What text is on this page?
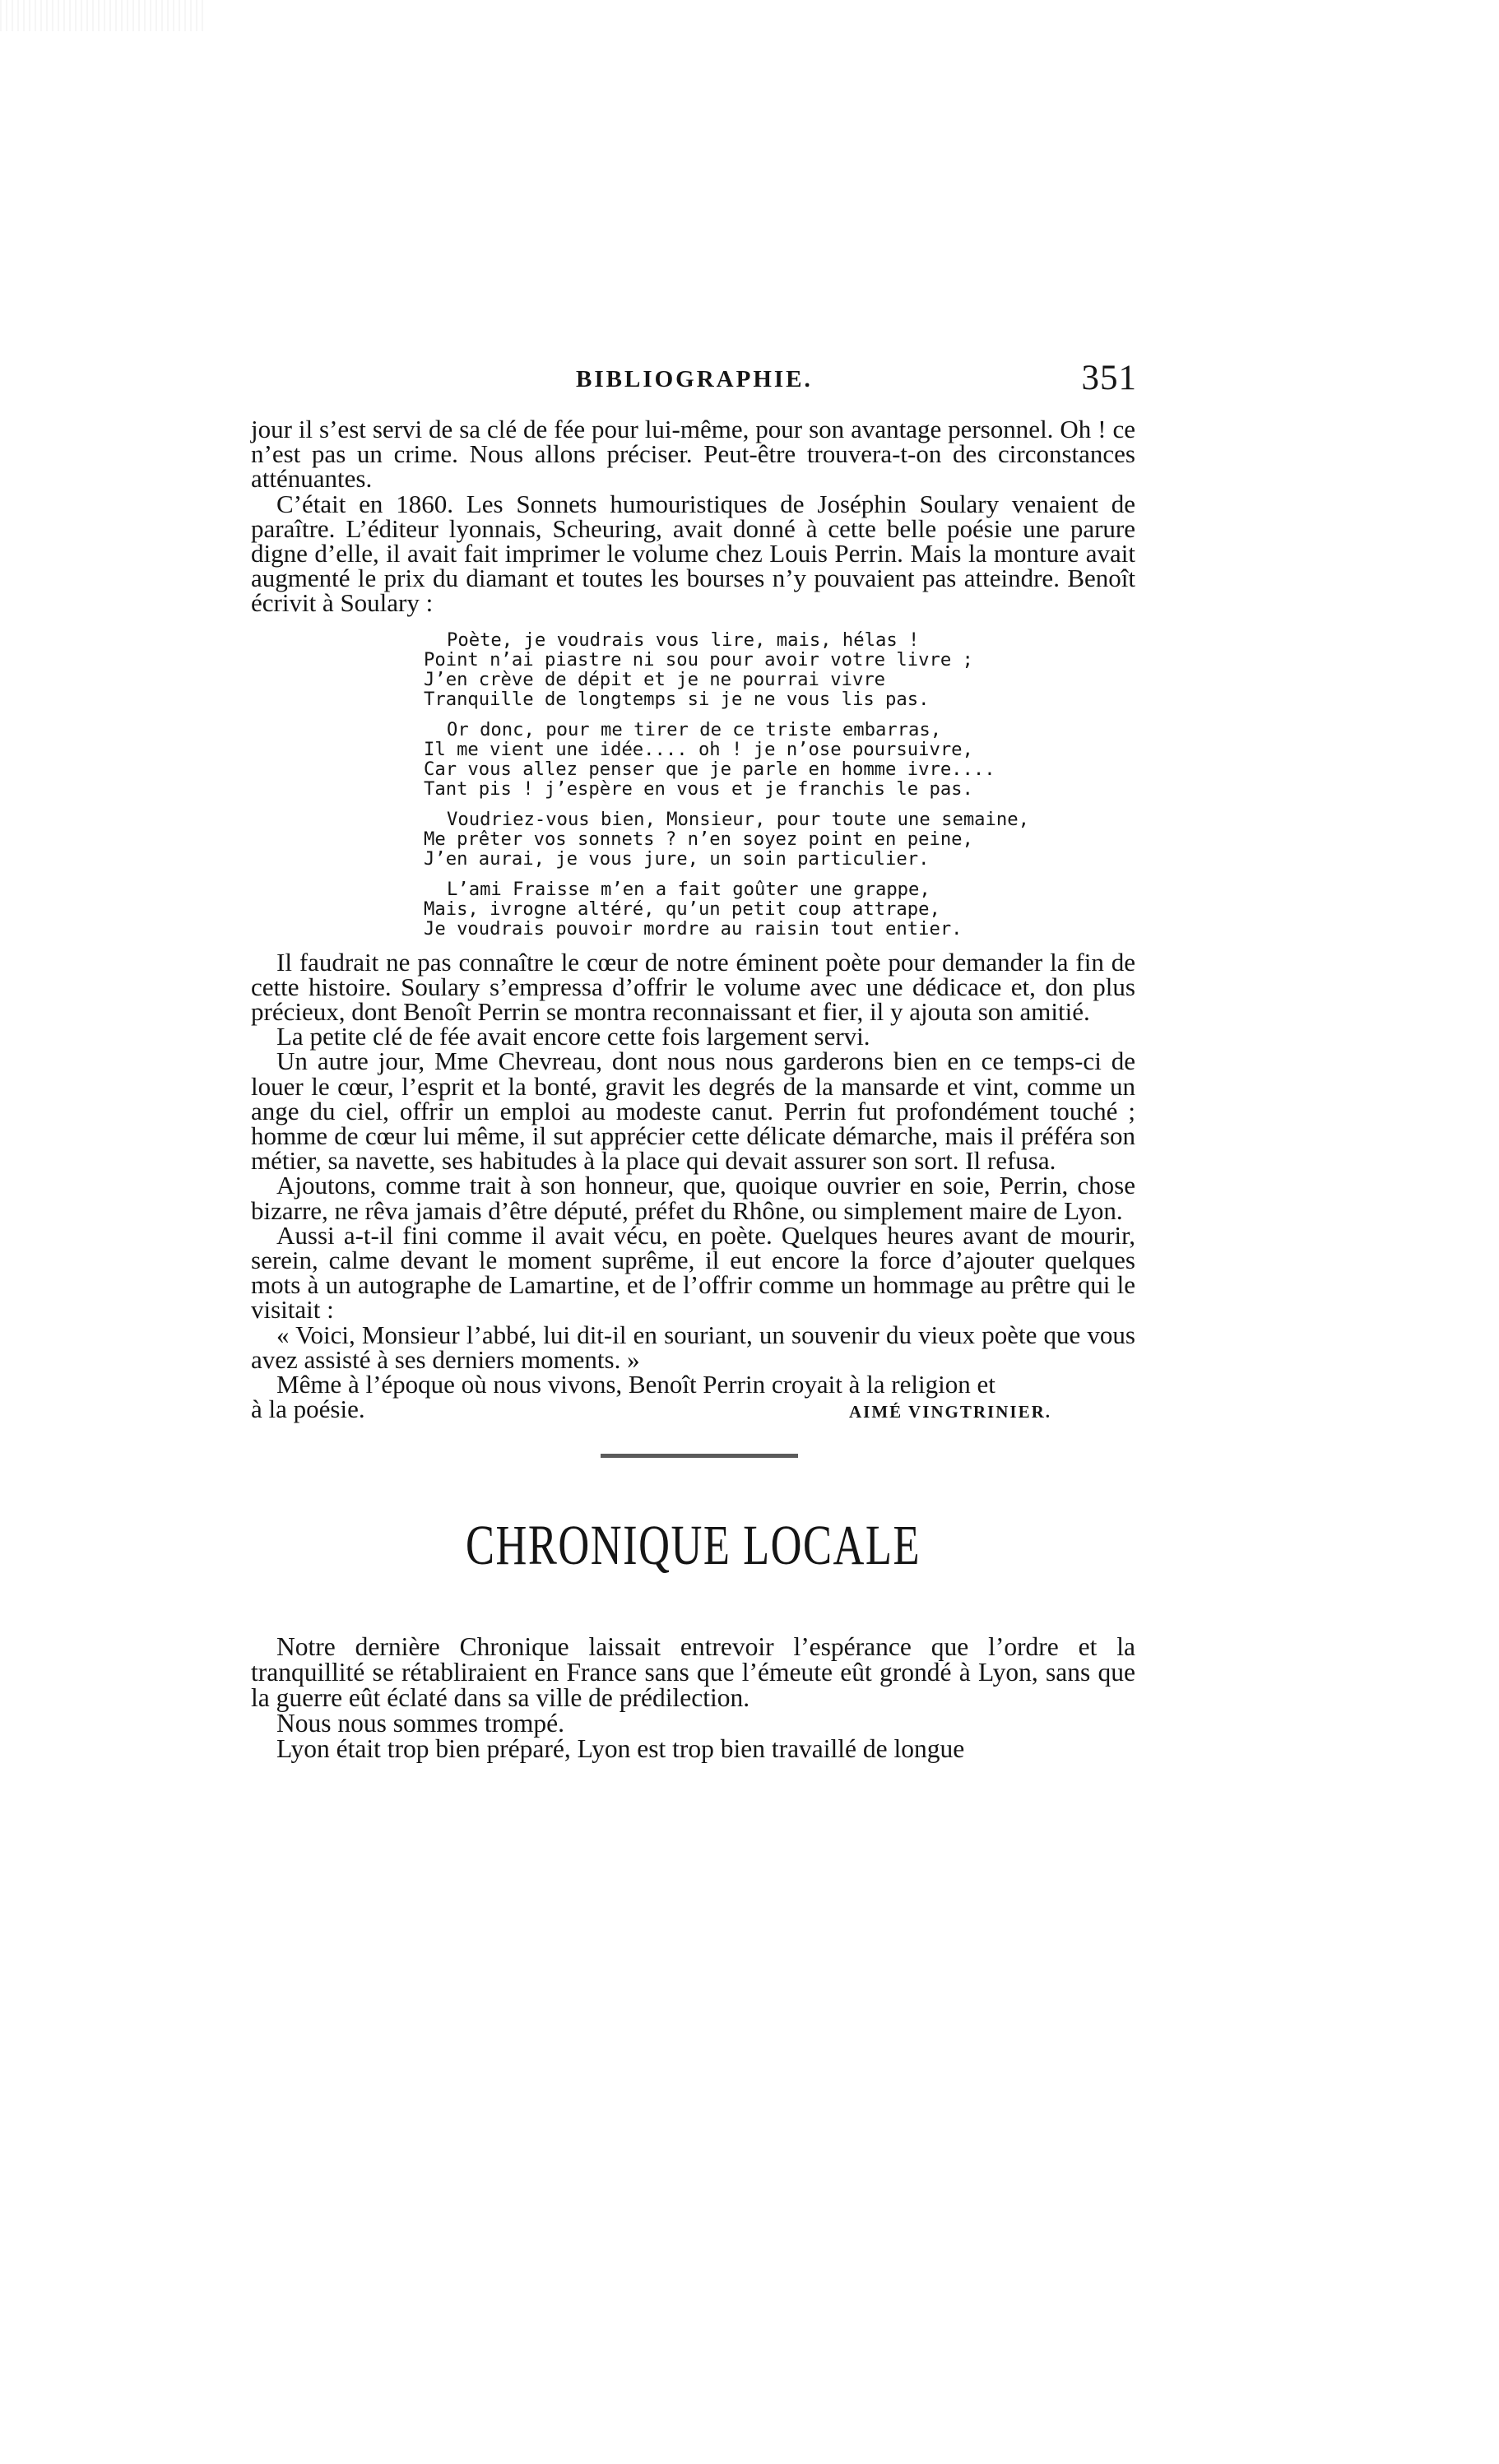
BIBLIOGRAPHIE.	351

jour il s’est servi de sa clé de fée pour lui-même, pour son avantage personnel. Oh ! ce n’est pas un crime. Nous allons préciser. Peut-être trouvera-t-on des circonstances atténuantes.

C’était en 1860. Les Sonnets humouristiques de Joséphin Soulary venaient de paraître. L’éditeur lyonnais, Scheuring, avait donné à cette belle poésie une parure digne d’elle, il avait fait imprimer le volume chez Louis Perrin. Mais la monture avait augmenté le prix du diamant et toutes les bourses n’y pouvaient pas atteindre. Benoît écrivit à Soulary :

Poète, je voudrais vous lire, mais, hélas !
Point n’ai piastre ni sou pour avoir votre livre ;
J’en crève de dépit et je ne pourrai vivre
Tranquille de longtemps si je ne vous lis pas.
Or donc, pour me tirer de ce triste embarras,
Il me vient une idée.... oh ! je n’ose poursuivre,
Car vous allez penser que je parle en homme ivre....
Tant pis ! j’espère en vous et je franchis le pas.
Voudriez-vous bien, Monsieur, pour toute une semaine,
Me prêter vos sonnets ? n’en soyez point en peine,
J’en aurai, je vous jure, un soin particulier.
L’ami Fraisse m’en a fait goûter une grappe,
Mais, ivrogne altéré, qu’un petit coup attrape,
Je voudrais pouvoir mordre au raisin tout entier.

Il faudrait ne pas connaître le cœur de notre éminent poète pour demander la fin de cette histoire. Soulary s’empressa d’offrir le volume avec une dédicace et, don plus précieux, dont Benoît Perrin se montra reconnaissant et fier, il y ajouta son amitié.

La petite clé de fée avait encore cette fois largement servi.

Un autre jour, Mme Chevreau, dont nous nous garderons bien en ce temps-ci de louer le cœur, l’esprit et la bonté, gravit les degrés de la mansarde et vint, comme un ange du ciel, offrir un emploi au modeste canut. Perrin fut profondément touché ; homme de cœur lui même, il sut apprécier cette délicate démarche, mais il préféra son métier, sa navette, ses habitudes à la place qui devait assurer son sort. Il refusa.

Ajoutons, comme trait à son honneur, que, quoique ouvrier en soie, Perrin, chose bizarre, ne rêva jamais d’être député, préfet du Rhône, ou simplement maire de Lyon.

Aussi a-t-il fini comme il avait vécu, en poète. Quelques heures avant de mourir, serein, calme devant le moment suprême, il eut encore la force d’ajouter quelques mots à un autographe de Lamartine, et de l’offrir comme un hommage au prêtre qui le visitait :

« Voici, Monsieur l’abbé, lui dit-il en souriant, un souvenir du vieux poète que vous avez assisté à ses derniers moments. »

Même à l’époque où nous vivons, Benoît Perrin croyait à la religion et

à la poésie.	AIMÉ VINGTRINIER.
CHRONIQUE LOCALE

Notre dernière Chronique laissait entrevoir l’espérance que l’ordre et la tranquillité se rétabliraient en France sans que l’émeute eût grondé à Lyon, sans que la guerre eût éclaté dans sa ville de prédilection.

Nous nous sommes trompé.

Lyon était trop bien préparé, Lyon est trop bien travaillé de longue
